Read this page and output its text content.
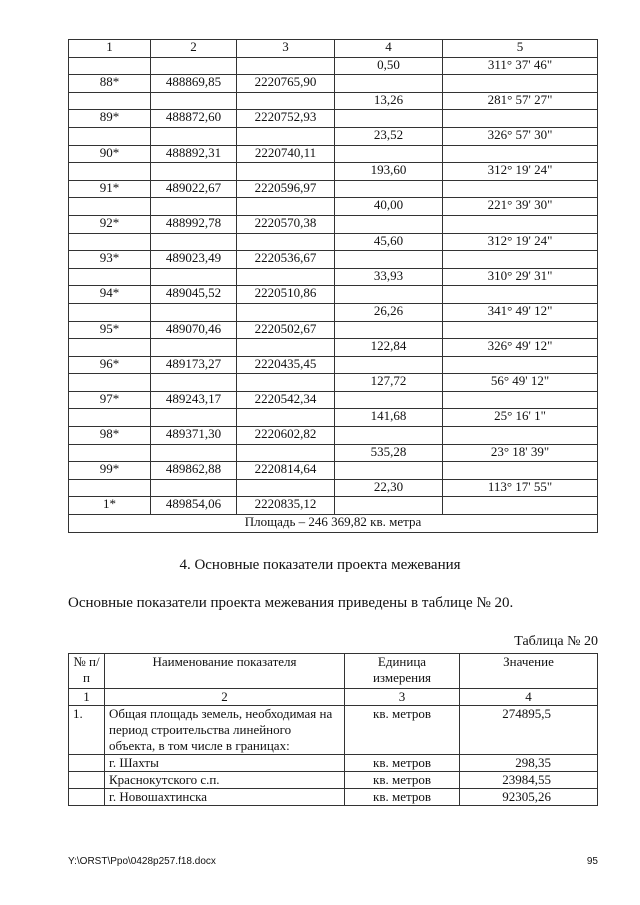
1	2	3	4	5
			0,50	311° 37' 46"
88*	488869,85	2220765,90		
			13,26	281° 57' 27"
89*	488872,60	2220752,93		
			23,52	326° 57' 30"
90*	488892,31	2220740,11		
			193,60	312° 19' 24"
91*	489022,67	2220596,97		
			40,00	221° 39' 30"
92*	488992,78	2220570,38		
			45,60	312° 19' 24"
93*	489023,49	2220536,67		
			33,93	310° 29' 31"
94*	489045,52	2220510,86		
			26,26	341° 49' 12"
95*	489070,46	2220502,67		
			122,84	326° 49' 12"
96*	489173,27	2220435,45		
			127,72	56° 49' 12"
97*	489243,17	2220542,34		
			141,68	25° 16' 1"
98*	489371,30	2220602,82		
			535,28	23° 18' 39"
99*	489862,88	2220814,64		
			22,30	113° 17' 55"
1*	489854,06	2220835,12		
Площадь – 246 369,82 кв. метра				
4. Основные показатели проекта межевания
Основные показатели проекта межевания приведены в таблице № 20.
Таблица № 20
№ п/п	Наименование показателя	Единица измерения	Значение
1	2	3	4
1.	Общая площадь земель, необходимая на период строительства линейного объекта, в том числе в границах:	кв. метров	274895,5
	г. Шахты	кв. метров	298,35
	Краснокутского с.п.	кв. метров	23984,55
	г. Новошахтинска	кв. метров	92305,26
Y:\ORST\Ppo\0428p257.f18.docx	95
